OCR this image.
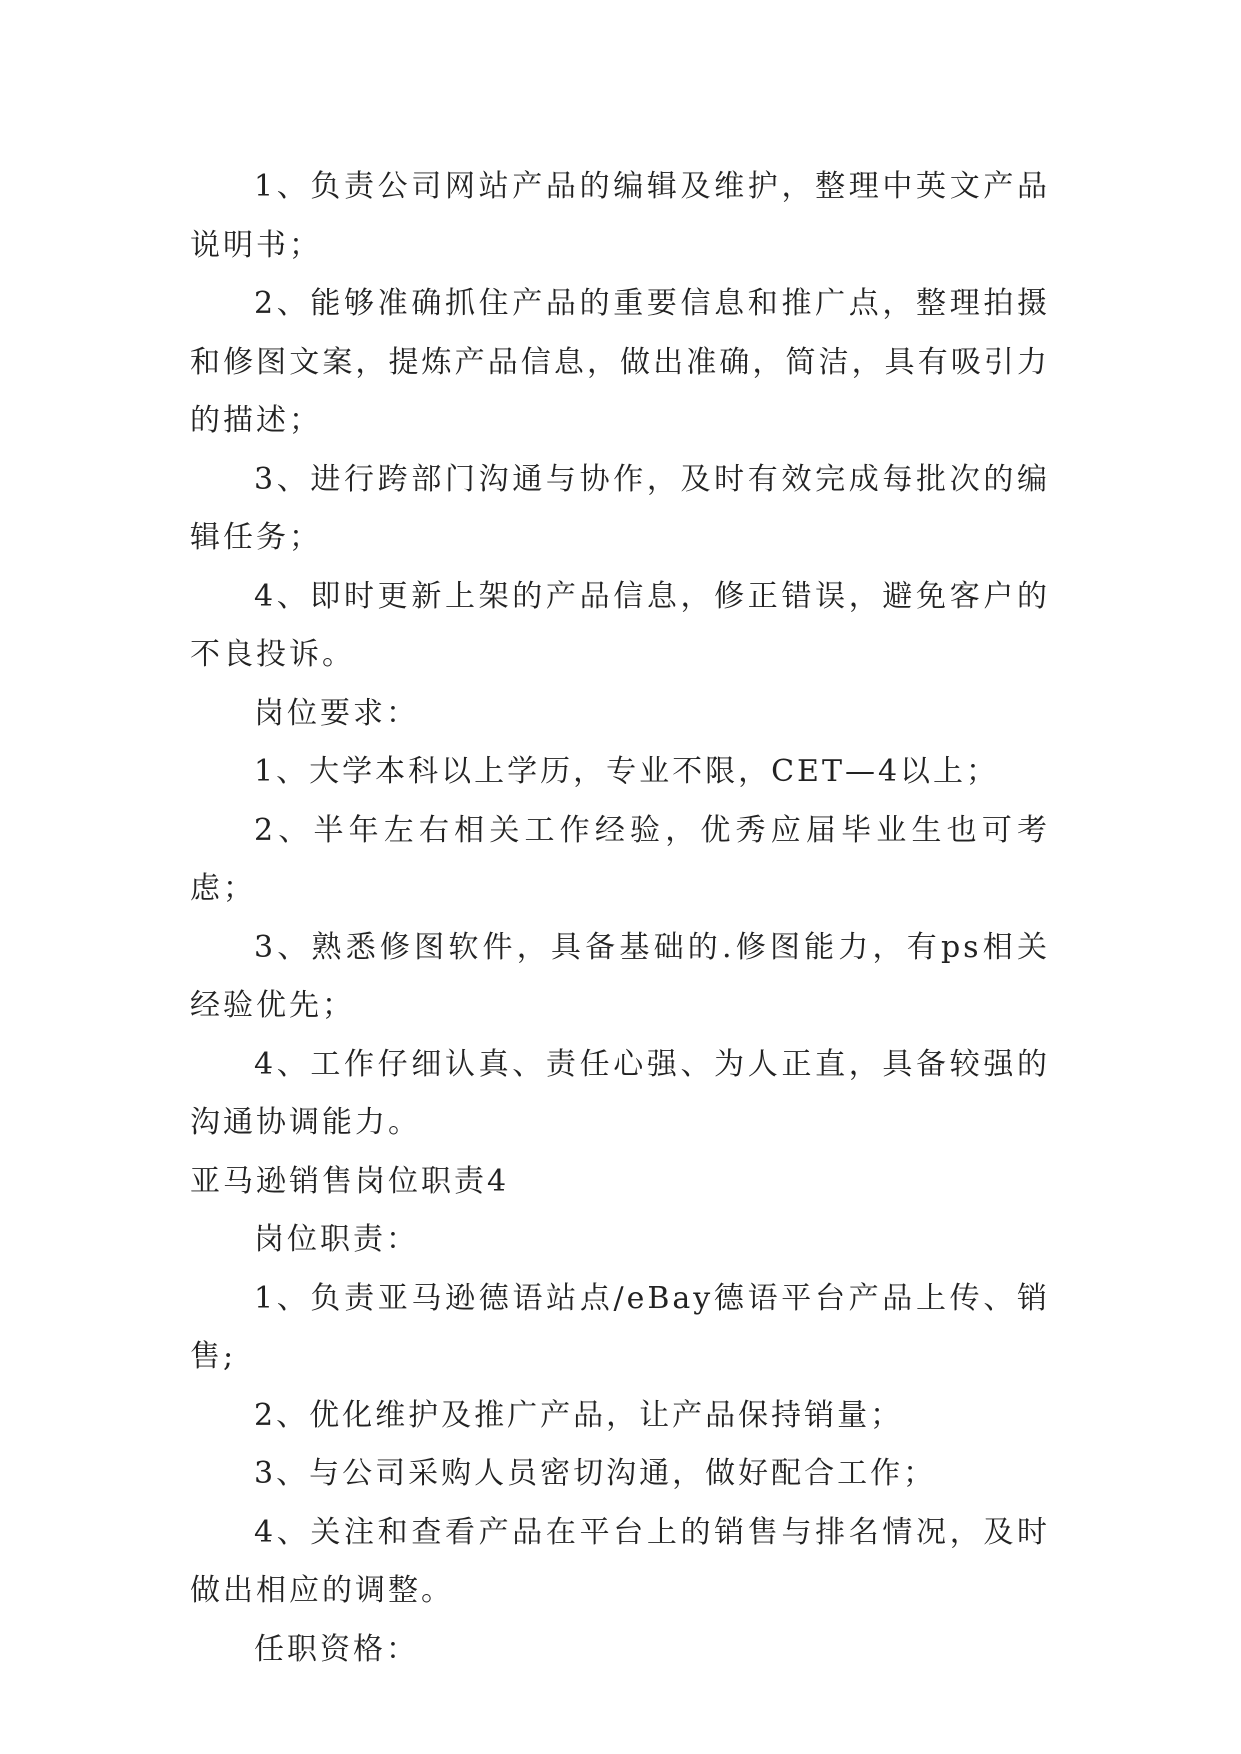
1、负责公司网站产品的编辑及维护，整理中英文产品说明书；

2、能够准确抓住产品的重要信息和推广点，整理拍摄和修图文案，提炼产品信息，做出准确，简洁，具有吸引力的描述；

3、进行跨部门沟通与协作，及时有效完成每批次的编辑任务；

4、即时更新上架的产品信息，修正错误，避免客户的不良投诉。

岗位要求：

1、大学本科以上学历，专业不限，CET—4以上；

2、半年左右相关工作经验，优秀应届毕业生也可考虑；

3、熟悉修图软件，具备基础的.修图能力，有ps相关经验优先；

4、工作仔细认真、责任心强、为人正直，具备较强的沟通协调能力。

亚马逊销售岗位职责4

岗位职责：

1、负责亚马逊德语站点/eBay德语平台产品上传、销售;

2、优化维护及推广产品，让产品保持销量；

3、与公司采购人员密切沟通，做好配合工作；

4、关注和查看产品在平台上的销售与排名情况，及时做出相应的调整。

任职资格：
